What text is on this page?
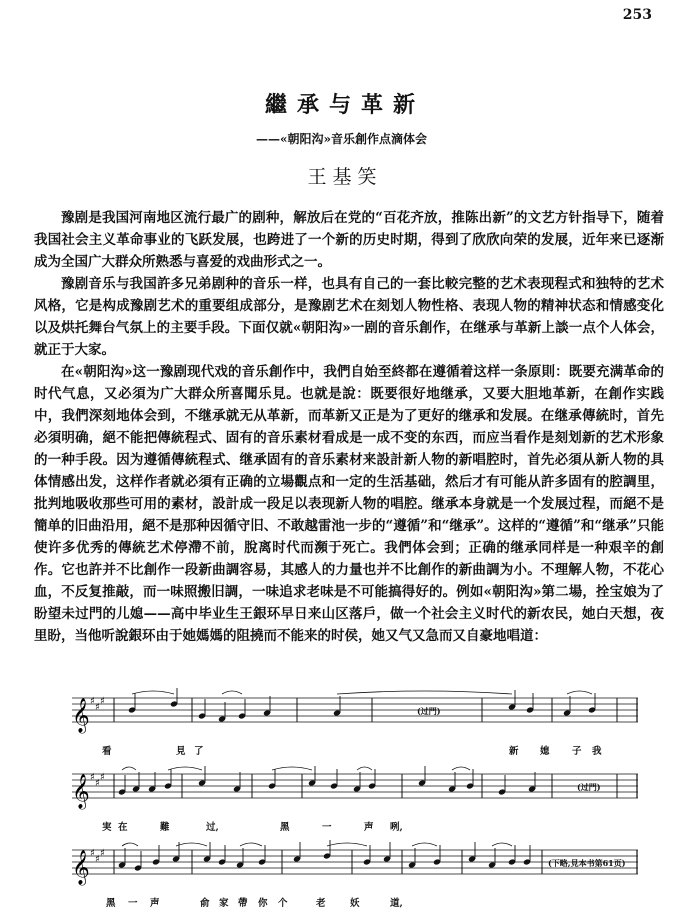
253
繼承与革新
——«朝阳沟»音乐創作点滴体会
王基笑

豫剧是我国河南地区流行最广的剧种，解放后在党的“百花齐放，推陈出新”的文艺方针指导下，随着我国社会主义革命事业的飞跃发展，也跨进了一个新的历史时期，得到了欣欣向荣的发展，近年来已逐渐成为全国广大群众所熟悉与喜爱的戏曲形式之一。

豫剧音乐与我国許多兄弟剧种的音乐一样，也具有自己的一套比較完整的艺术表现程式和独特的艺术风格，它是构成豫剧艺术的重要组成部分，是豫剧艺术在刻划人物性格、表现人物的精神状态和情感变化以及烘托舞台气氛上的主要手段。下面仅就«朝阳沟»一剧的音乐創作，在继承与革新上談一点个人体会，就正于大家。

在«朝阳沟»这一豫剧现代戏的音乐創作中，我們自始至終都在遵循着这样一条原則：既要充满革命的时代气息，又必須为广大群众所喜聞乐見。也就是說：既要很好地继承，又要大胆地革新，在創作实践中，我們深刻地体会到，不继承就无从革新，而革新又正是为了更好的继承和发展。在继承傳統时，首先必須明确，絕不能把傳統程式、固有的音乐素材看成是一成不变的东西，而应当看作是刻划新的艺术形象的一种手段。因为遵循傳統程式、继承固有的音乐素材来設計新人物的新唱腔时，首先必須从新人物的具体情感出发，这样作者就必須有正确的立場觀点和一定的生活基础，然后才有可能从許多固有的腔調里，批判地吸收那些可用的素材，設計成一段足以表现新人物的唱腔。继承本身就是一个发展过程，而絕不是簡单的旧曲沿用，絕不是那种因循守旧、不敢越雷池一步的“遵循”和“继承”。这样的“遵循”和“继承”只能使许多优秀的傳統艺术停滯不前，脫离时代而瀕于死亡。我們体会到；正确的继承同样是一种艰辛的創作。它也許并不比創作一段新曲調容易，其感人的力量也并不比創作的新曲調为小。不理解人物，不花心血，不反复推敲，而一味照搬旧調，一味追求老味是不可能搞得好的。例如«朝阳沟»第二場，拴宝娘为了盼望未过門的儿媳——高中毕业生王銀环早日来山区落戶，做一个社会主义时代的新农民，她白天想，夜里盼，当他听說銀环由于她媽媽的阻撓而不能来的时侯，她又气又急而又自豪地唱道：

𝄞 ♯
♯
♯
(过門)
看	見 了	新 媳 子 我
𝄞 ♯
♯
♯
(过門)
実 在	難	过,	黑	一	声 咧,
𝄞 ♯
♯
♯
(下略,見本书第61页)
黑 一 声	俞 家 帶 你 个	老	妖	道,
